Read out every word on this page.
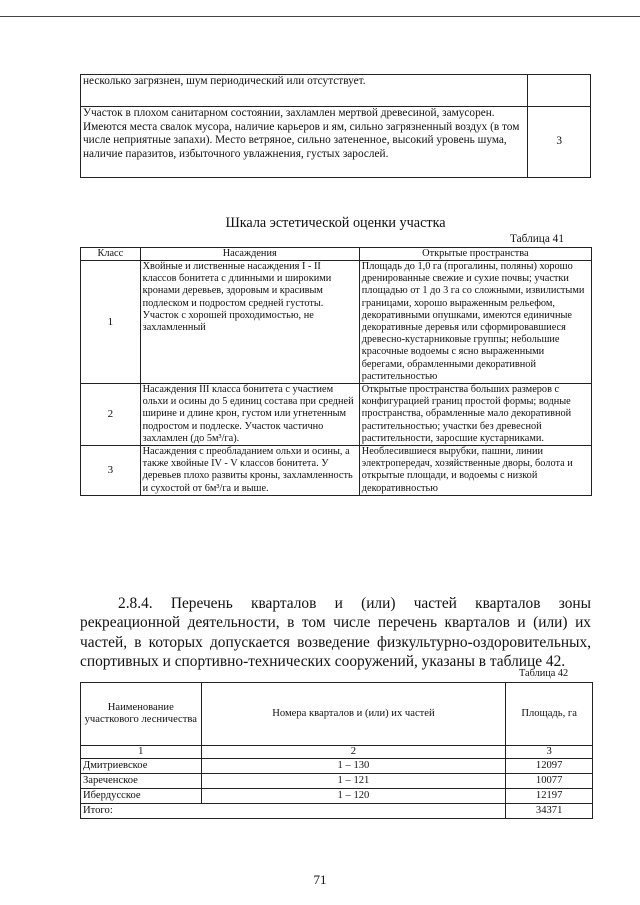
несколько загрязнен, шум периодический или отсутствует.	
Участок в плохом санитарном состоянии, захламлен мертвой древесиной, замусорен. Имеются места свалок мусора, наличие карьеров и ям, сильно загрязненный воздух (в том числе неприятные запахи). Место ветряное, сильно затененное, высокий уровень шума, наличие паразитов, избыточного увлажнения, густых зарослей.	3
Шкала эстетической оценки участка
Таблица 41
Класс	Насаждения	Открытые пространства
1	Хвойные и лиственные насаждения I - II классов бонитета с длинными и широкими кронами деревьев, здоровым и красивым подлеском и подростом средней густоты. Участок с хорошей проходимостью, не захламленный	Площадь до 1,0 га (прогалины, поляны) хорошо дренированные свежие и сухие почвы; участки площадью от 1 до 3 га со сложными, извилистыми границами, хорошо выраженным рельефом, декоративными опушками, имеются единичные декоративные деревья или сформировавшиеся древесно-кустарниковые группы; небольшие красочные водоемы с ясно выраженными берегами, обрамленными декоративной растительностью
2	Насаждения III класса бонитета с участием ольхи и осины до 5 единиц состава при средней ширине и длине крон, густом или угнетенным подростом и подлеске. Участок частично захламлен (до 5м³/га).	Открытые пространства больших размеров с конфигурацией границ простой формы; водные пространства, обрамленные мало декоративной растительностью; участки без древесной растительности, заросшие кустарниками.
3	Насаждения с преобладанием ольхи и осины, а также хвойные IV - V классов бонитета. У деревьев плохо развиты кроны, захламленность и сухостой от 6м³/га и выше.	Необлесившиеся вырубки, пашни, линии электропередач, хозяйственные дворы, болота и открытые площади, и водоемы с низкой декоративностью

2.8.4. Перечень кварталов и (или) частей кварталов зоны

рекреационной деятельности, в том числе перечень кварталов и (или) их частей, в которых допускается возведение физкультурно-оздоровительных, спортивных и спортивно-технических сооружений, указаны в таблице 42.

Таблица 42
Наименование участкового лесничества	Номера кварталов и (или) их частей	Площадь, га
1	2	3
Дмитриевское	1 – 130	12097
Зареченское	1 – 121	10077
Ибердусское	1 – 120	12197
Итого:		34371
71
